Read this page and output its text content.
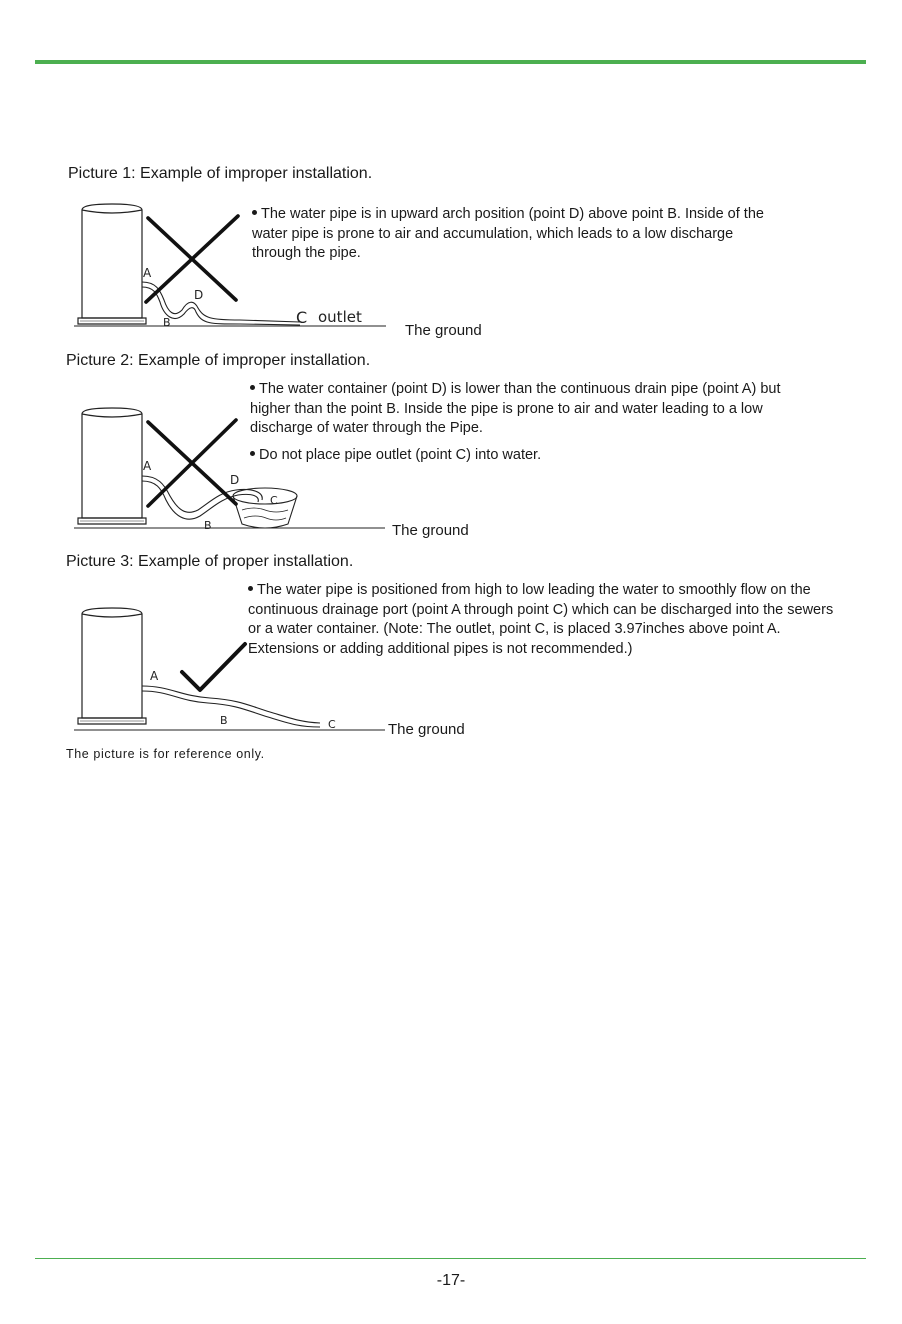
Picture 1: Example of improper installation.
The water pipe is in upward arch position (point D) above point B. Inside of the water pipe is prone to air and accumulation, which leads to a low discharge through the pipe.
A
B
D
C outlet
The ground
Picture 2: Example of improper installation.
The water container (point D) is lower than the continuous drain pipe (point A) but higher than the point B. Inside the pipe is prone to air and water leading to a low discharge of water through the Pipe.
Do not place pipe outlet (point C) into water.
A
B
D
C
The ground
Picture 3: Example of proper installation.
The water pipe is positioned from high to low leading the water to smoothly flow on the continuous drainage port (point A through point C) which can be discharged into the sewers or a water container. (Note: The outlet, point C, is placed 3.97inches above point A. Extensions or adding additional pipes is not recommended.)
A
B	C	The ground
The picture is for reference only.
-17-
